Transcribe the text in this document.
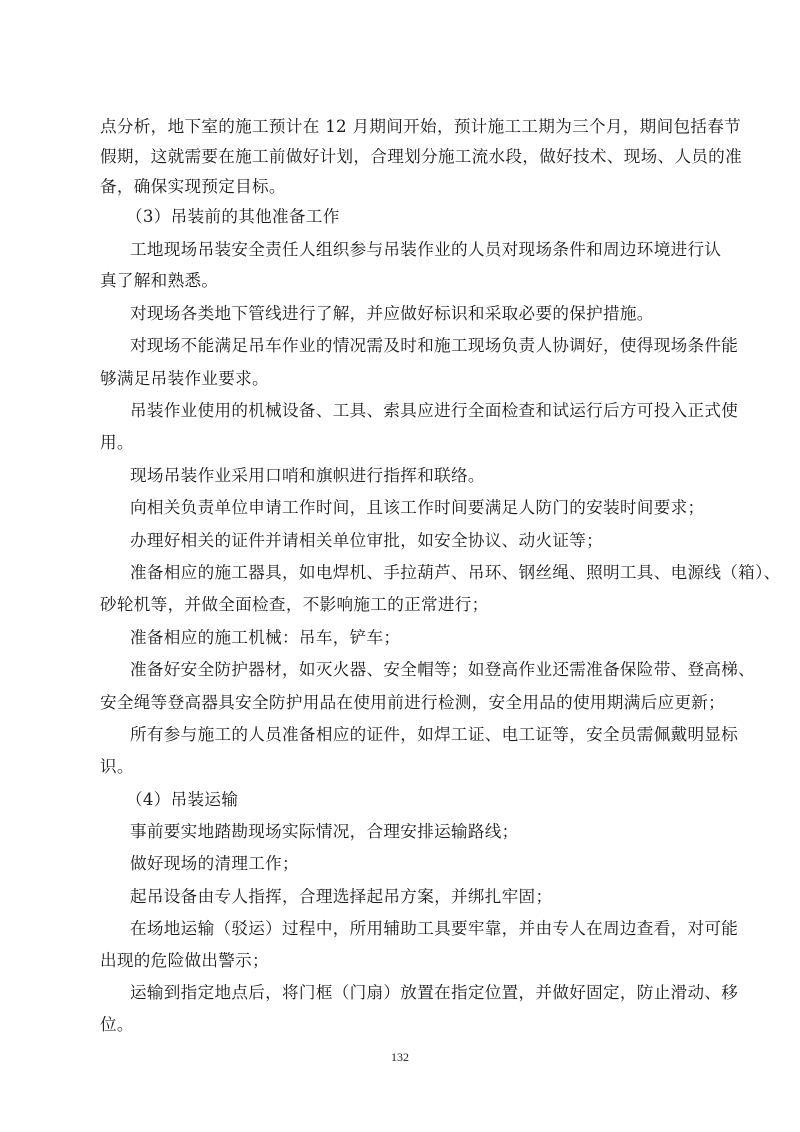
点分析，地下室的施工预计在 12 月期间开始，预计施工工期为三个月，期间包括春节
假期，这就需要在施工前做好计划，合理划分施工流水段，做好技术、现场、人员的准
备，确保实现预定目标。
（3）吊装前的其他准备工作
工地现场吊装安全责任人组织参与吊装作业的人员对现场条件和周边环境进行认
真了解和熟悉。
对现场各类地下管线进行了解，并应做好标识和采取必要的保护措施。
对现场不能满足吊车作业的情况需及时和施工现场负责人协调好，使得现场条件能
够满足吊装作业要求。
吊装作业使用的机械设备、工具、索具应进行全面检查和试运行后方可投入正式使
用。
现场吊装作业采用口哨和旗帜进行指挥和联络。
向相关负责单位申请工作时间，且该工作时间要满足人防门的安装时间要求；
办理好相关的证件并请相关单位审批，如安全协议、动火证等；
准备相应的施工器具，如电焊机、手拉葫芦、吊环、钢丝绳、照明工具、电源线（箱）、
砂轮机等，并做全面检查，不影响施工的正常进行；
准备相应的施工机械：吊车，铲车；
准备好安全防护器材，如灭火器、安全帽等；如登高作业还需准备保险带、登高梯、
安全绳等登高器具安全防护用品在使用前进行检测，安全用品的使用期满后应更新；
所有参与施工的人员准备相应的证件，如焊工证、电工证等，安全员需佩戴明显标
识。
（4）吊装运输
事前要实地踏勘现场实际情况，合理安排运输路线；
做好现场的清理工作；
起吊设备由专人指挥，合理选择起吊方案，并绑扎牢固；
在场地运输（驳运）过程中，所用辅助工具要牢靠，并由专人在周边查看，对可能
出现的危险做出警示；
运输到指定地点后，将门框（门扇）放置在指定位置，并做好固定，防止滑动、移
位。
132
